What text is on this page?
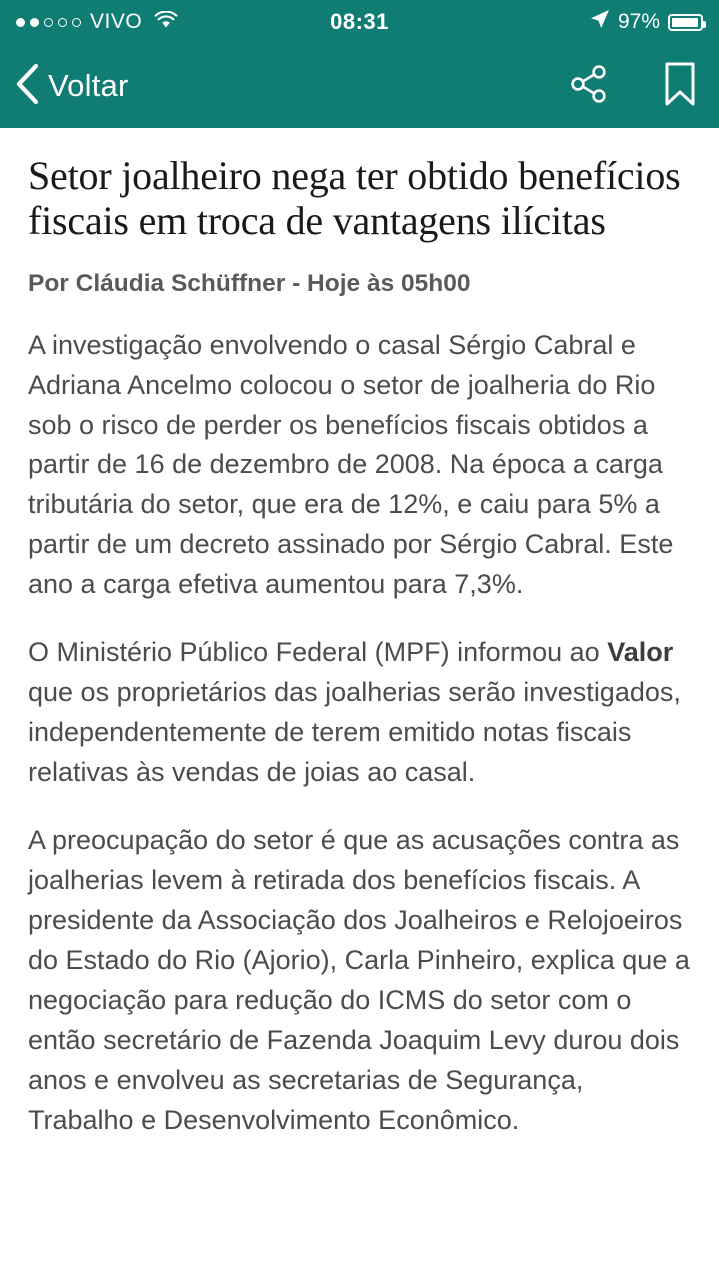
VIVO	08:31	97%
Voltar
Setor joalheiro nega ter obtido benefícios fiscais em troca de vantagens ilícitas
Por Cláudia Schüffner - Hoje às 05h00

A investigação envolvendo o casal Sérgio Cabral e Adriana Ancelmo colocou o setor de joalheria do Rio sob o risco de perder os benefícios fiscais obtidos a partir de 16 de dezembro de 2008. Na época a carga tributária do setor, que era de 12%, e caiu para 5% a partir de um decreto assinado por Sérgio Cabral. Este ano a carga efetiva aumentou para 7,3%.

O Ministério Público Federal (MPF) informou ao Valor que os proprietários das joalherias serão investigados, independentemente de terem emitido notas fiscais relativas às vendas de joias ao casal.

A preocupação do setor é que as acusações contra as joalherias levem à retirada dos benefícios fiscais. A presidente da Associação dos Joalheiros e Relojoeiros do Estado do Rio (Ajorio), Carla Pinheiro, explica que a negociação para redução do ICMS do setor com o então secretário de Fazenda Joaquim Levy durou dois anos e envolveu as secretarias de Segurança, Trabalho e Desenvolvimento Econômico.
